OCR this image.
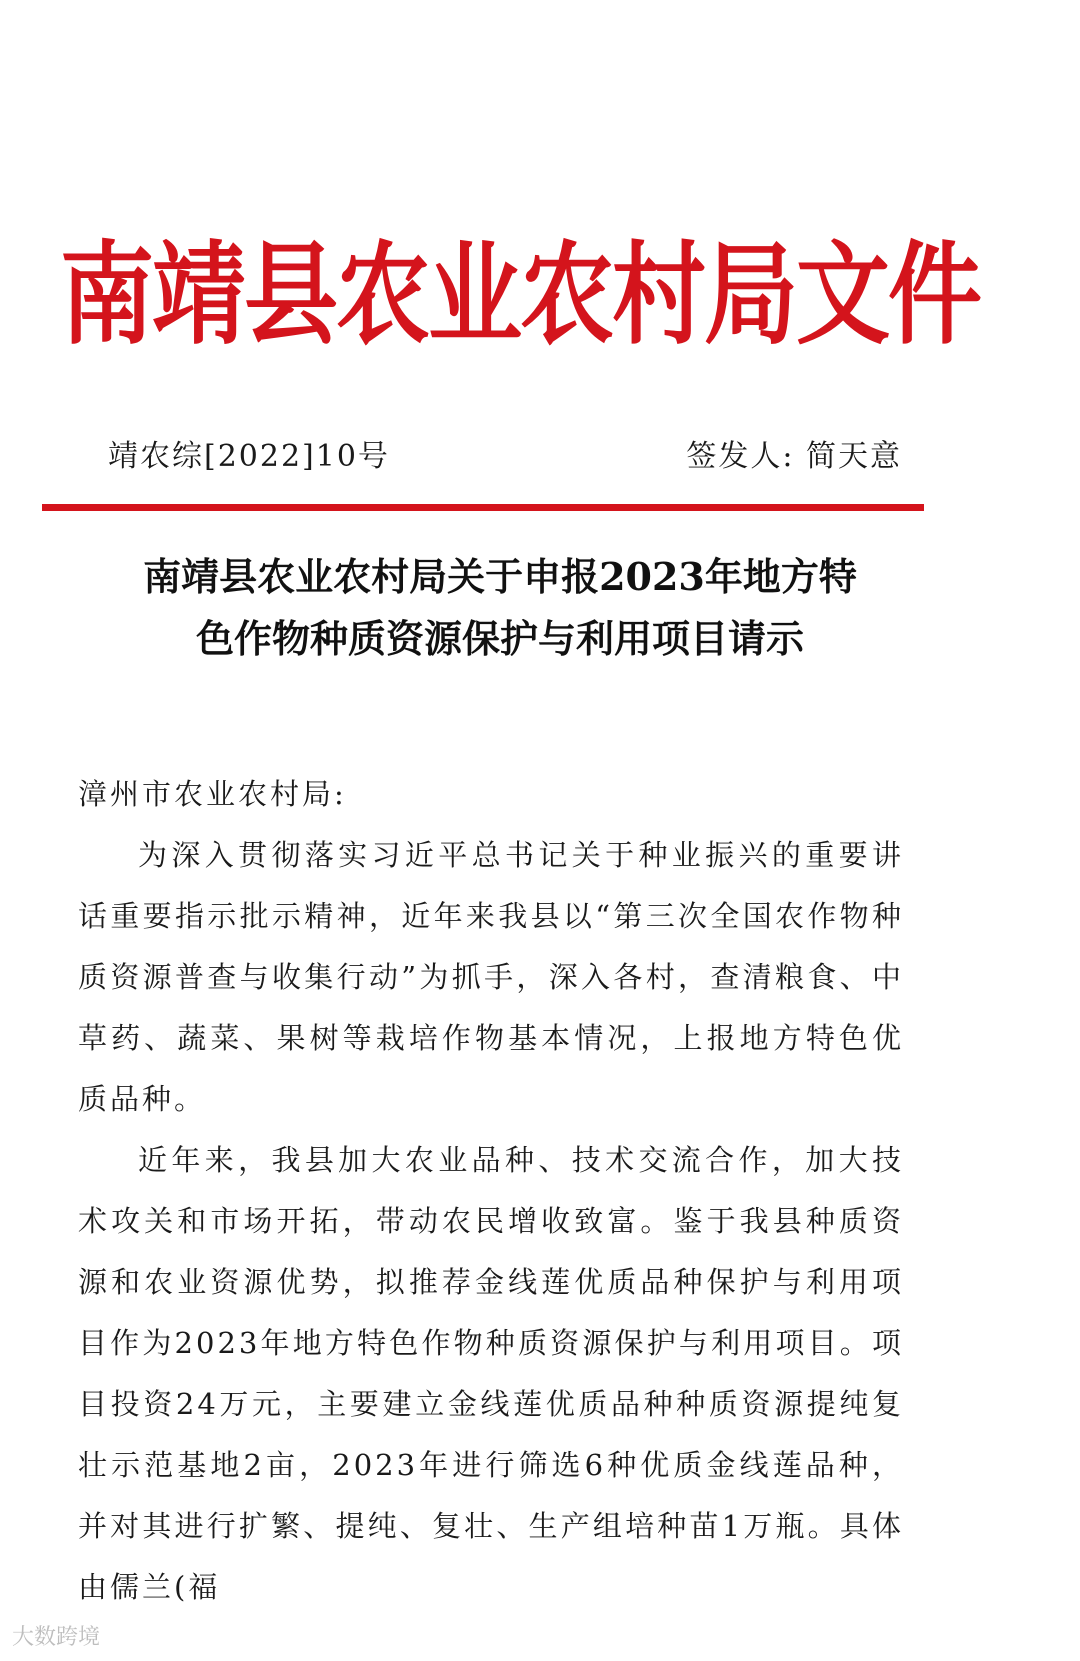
南靖县农业农村局文件
靖农综[2022]10号	签发人: 简天意
南靖县农业农村局关于申报2023年地方特
色作物种质资源保护与利用项目请示

漳州市农业农村局:

为深入贯彻落实习近平总书记关于种业振兴的重要讲话重要指示批示精神，近年来我县以“第三次全国农作物种质资源普查与收集行动”为抓手，深入各村，查清粮食、中草药、蔬菜、果树等栽培作物基本情况，上报地方特色优质品种。

近年来，我县加大农业品种、技术交流合作，加大技术攻关和市场开拓，带动农民增收致富。鉴于我县种质资源和农业资源优势，拟推荐金线莲优质品种保护与利用项目作为2023年地方特色作物种质资源保护与利用项目。项目投资24万元，主要建立金线莲优质品种种质资源提纯复壮示范基地2亩，2023年进行筛选6种优质金线莲品种，并对其进行扩繁、提纯、复壮、生产组培种苗1万瓶。具体由儒兰(福

大数跨境
